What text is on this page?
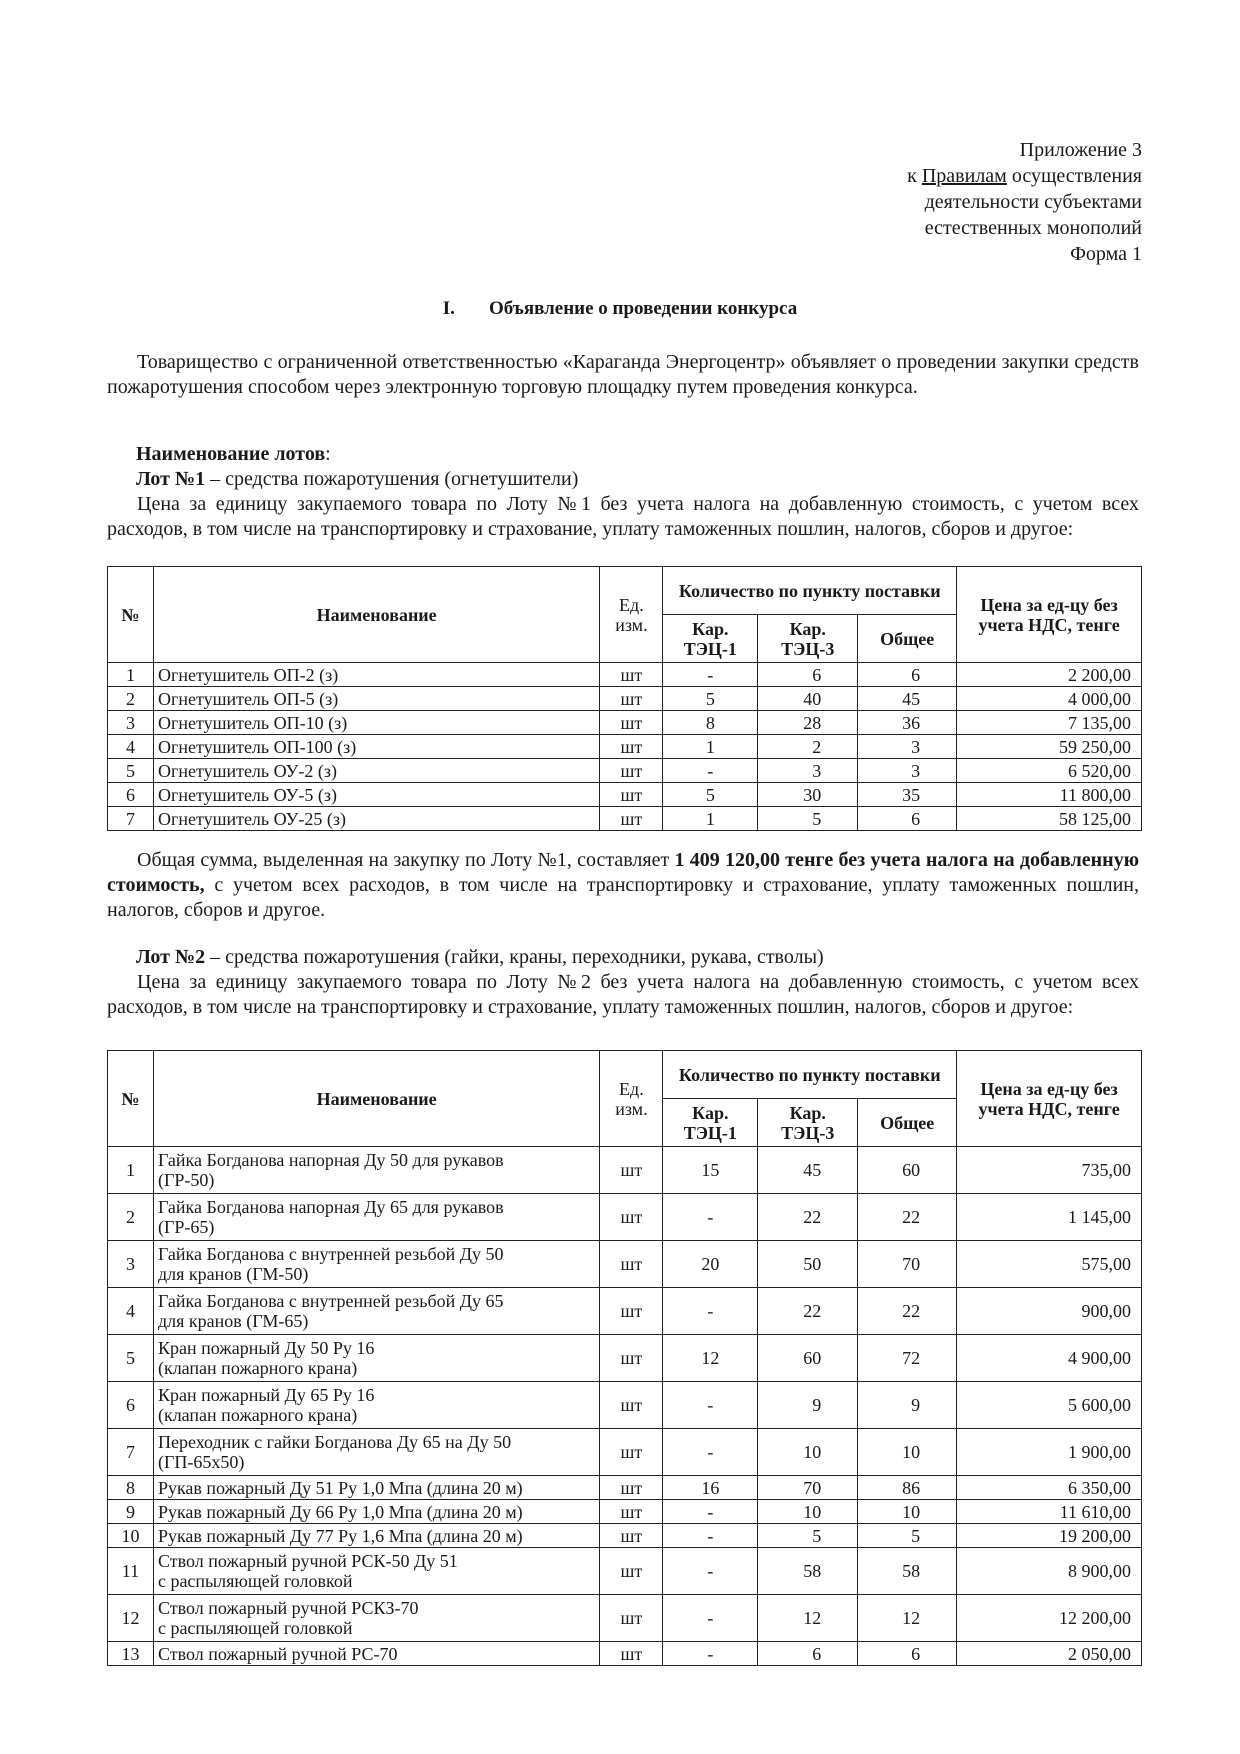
Приложение 3
к Правилам осуществления
деятельности субъектами
естественных монополий
Форма 1
I. Объявление о проведении конкурса
Товарищество с ограниченной ответственностью «Караганда Энергоцентр» объявляет о проведении закупки средств пожаротушения способом через электронную торговую площадку путем проведения конкурса.
Наименование лотов:
Лот №1 – средства пожаротушения (огнетушители)
Цена за единицу закупаемого товара по Лоту №1 без учета налога на добавленную стоимость, с учетом всех расходов, в том числе на транспортировку и страхование, уплату таможенных пошлин, налогов, сборов и другое:
№	Наименование	Ед. изм.	Количество по пункту поставки			Цена за ед-цу без учета НДС, тенге
			Кар. ТЭЦ-1	Кар. ТЭЦ-3	Общее	
1	Огнетушитель ОП-2 (з)	шт	-	6	6	2 200,00
2	Огнетушитель ОП-5 (з)	шт	5	40	45	4 000,00
3	Огнетушитель ОП-10 (з)	шт	8	28	36	7 135,00
4	Огнетушитель ОП-100 (з)	шт	1	2	3	59 250,00
5	Огнетушитель ОУ-2 (з)	шт	-	3	3	6 520,00
6	Огнетушитель ОУ-5 (з)	шт	5	30	35	11 800,00
7	Огнетушитель ОУ-25 (з)	шт	1	5	6	58 125,00
Общая сумма, выделенная на закупку по Лоту №1, составляет 1 409 120,00 тенге без учета налога на добавленную стоимость, с учетом всех расходов, в том числе на транспортировку и страхование, уплату таможенных пошлин, налогов, сборов и другое.
Лот №2 – средства пожаротушения (гайки, краны, переходники, рукава, стволы)
Цена за единицу закупаемого товара по Лоту №2 без учета налога на добавленную стоимость, с учетом всех расходов, в том числе на транспортировку и страхование, уплату таможенных пошлин, налогов, сборов и другое:
№	Наименование	Ед. изм.	Количество по пункту поставки			Цена за ед-цу без учета НДС, тенге
			Кар. ТЭЦ-1	Кар. ТЭЦ-3	Общее	
1	Гайка Богданова напорная Ду 50 для рукавов
(ГР-50)	шт	15	45	60	735,00
2	Гайка Богданова напорная Ду 65 для рукавов
(ГР-65)	шт	-	22	22	1 145,00
3	Гайка Богданова с внутренней резьбой Ду 50
для кранов (ГМ-50)	шт	20	50	70	575,00
4	Гайка Богданова с внутренней резьбой Ду 65
для кранов (ГМ-65)	шт	-	22	22	900,00
5	Кран пожарный Ду 50 Ру 16
(клапан пожарного крана)	шт	12	60	72	4 900,00
6	Кран пожарный Ду 65 Ру 16
(клапан пожарного крана)	шт	-	9	9	5 600,00
7	Переходник с гайки Богданова Ду 65 на Ду 50
(ГП-65х50)	шт	-	10	10	1 900,00
8	Рукав пожарный Ду 51 Ру 1,0 Мпа (длина 20 м)	шт	16	70	86	6 350,00
9	Рукав пожарный Ду 66 Ру 1,0 Мпа (длина 20 м)	шт	-	10	10	11 610,00
10	Рукав пожарный Ду 77 Ру 1,6 Мпа (длина 20 м)	шт	-	5	5	19 200,00
11	Ствол пожарный ручной РСК-50 Ду 51
с распыляющей головкой	шт	-	58	58	8 900,00
12	Ствол пожарный ручной РСКЗ-70
с распыляющей головкой	шт	-	12	12	12 200,00
13	Ствол пожарный ручной РС-70	шт	-	6	6	2 050,00
